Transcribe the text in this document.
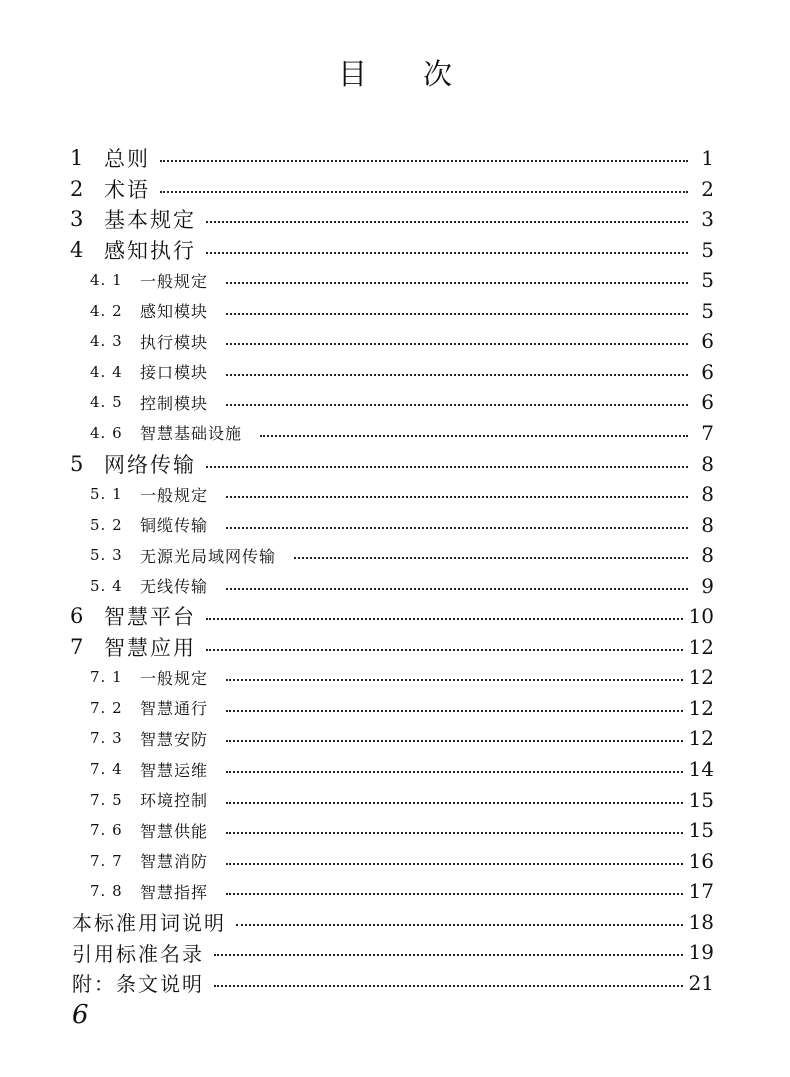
目 次
1 总则	1
2 术语	2
3 基本规定	3
4 感知执行	5
4. 1	一般规定	5
4. 2	感知模块	5
4. 3	执行模块	6
4. 4	接口模块	6
4. 5	控制模块	6
4. 6	智慧基础设施	7
5 网络传输	8
5. 1	一般规定	8
5. 2	铜缆传输	8
5. 3	无源光局域网传输	8
5. 4	无线传输	9
6 智慧平台	10
7 智慧应用	12
7. 1	一般规定	12
7. 2	智慧通行	12
7. 3	智慧安防	12
7. 4	智慧运维	14
7. 5	环境控制	15
7. 6	智慧供能	15
7. 7	智慧消防	16
7. 8	智慧指挥	17
本标准用词说明	18
引用标准名录	19
附：条文说明	21
6
